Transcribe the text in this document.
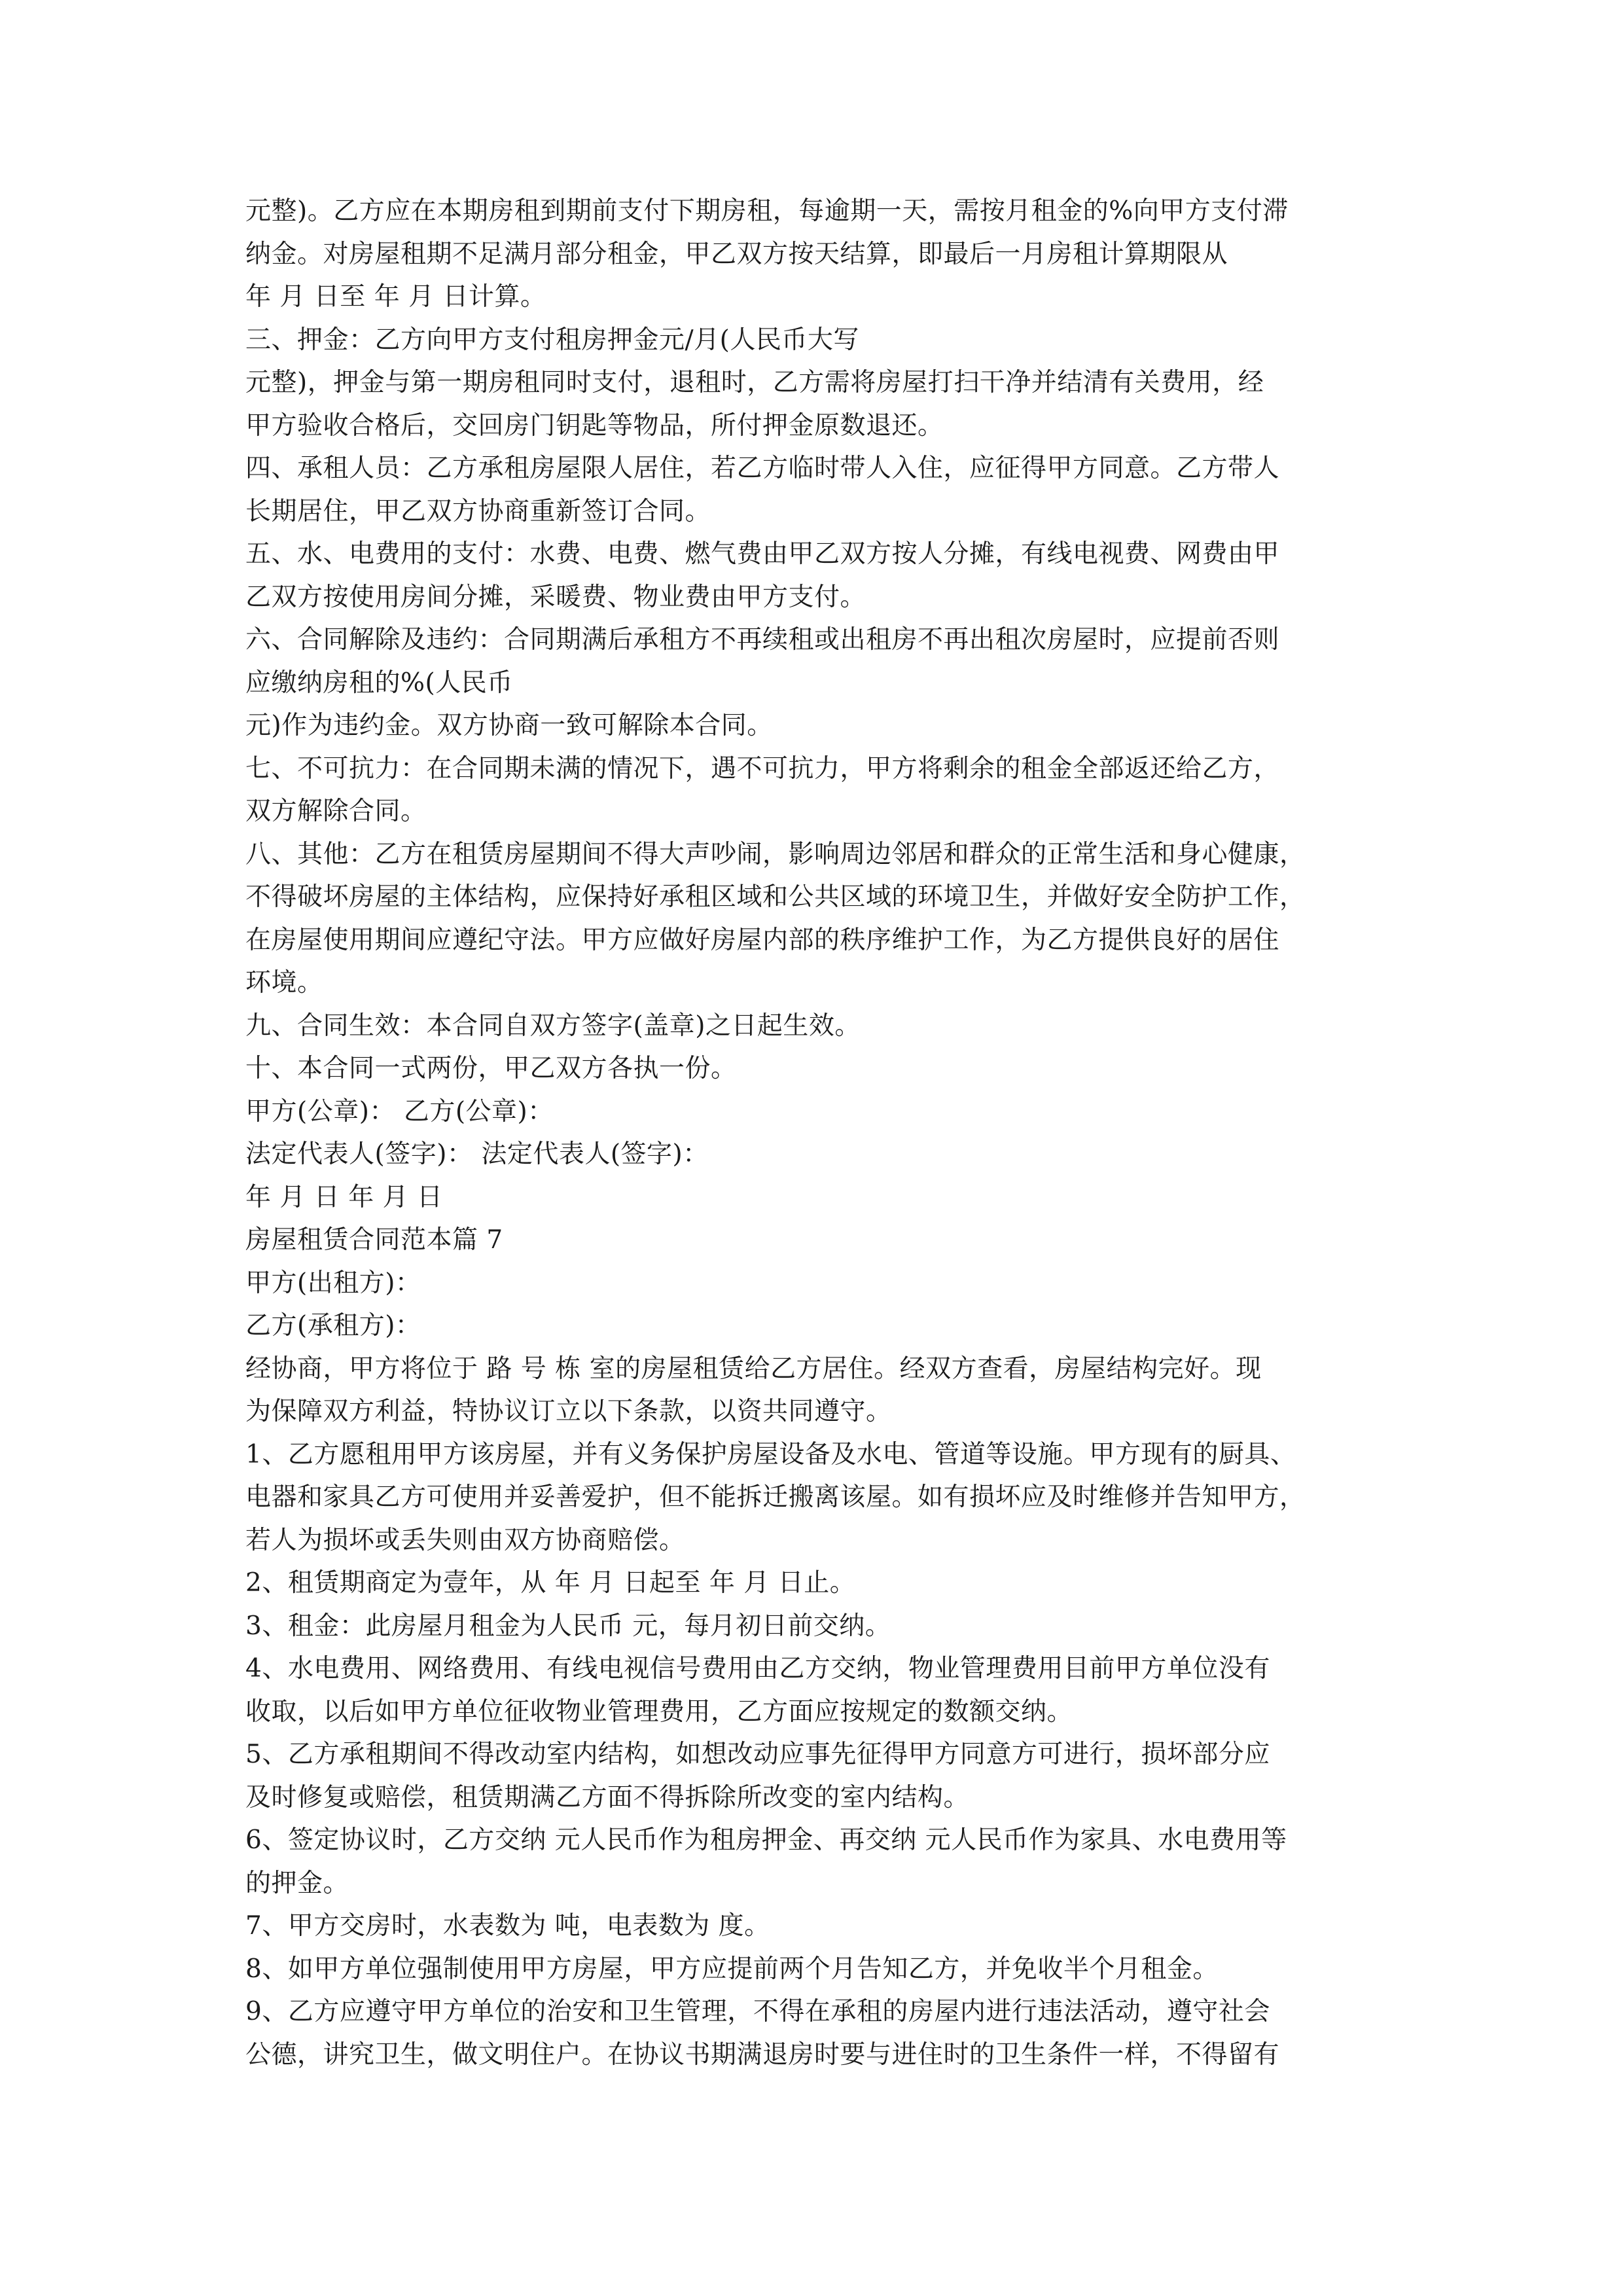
元整)。乙方应在本期房租到期前支付下期房租，每逾期一天，需按月租金的%向甲方支付滞
纳金。对房屋租期不足满月部分租金，甲乙双方按天结算，即最后一月房租计算期限从
年 月 日至 年 月 日计算。
三、押金：乙方向甲方支付租房押金元/月(人民币大写
元整)，押金与第一期房租同时支付，退租时，乙方需将房屋打扫干净并结清有关费用，经
甲方验收合格后，交回房门钥匙等物品，所付押金原数退还。
四、承租人员：乙方承租房屋限人居住，若乙方临时带人入住，应征得甲方同意。乙方带人
长期居住，甲乙双方协商重新签订合同。
五、水、电费用的支付：水费、电费、燃气费由甲乙双方按人分摊，有线电视费、网费由甲
乙双方按使用房间分摊，采暖费、物业费由甲方支付。
六、合同解除及违约：合同期满后承租方不再续租或出租房不再出租次房屋时，应提前否则
应缴纳房租的%(人民币
元)作为违约金。双方协商一致可解除本合同。
七、不可抗力：在合同期未满的情况下，遇不可抗力，甲方将剩余的租金全部返还给乙方，
双方解除合同。
八、其他：乙方在租赁房屋期间不得大声吵闹，影响周边邻居和群众的正常生活和身心健康，
不得破坏房屋的主体结构，应保持好承租区域和公共区域的环境卫生，并做好安全防护工作，
在房屋使用期间应遵纪守法。甲方应做好房屋内部的秩序维护工作，为乙方提供良好的居住
环境。
九、合同生效：本合同自双方签字(盖章)之日起生效。
十、本合同一式两份，甲乙双方各执一份。
甲方(公章)： 乙方(公章)：
法定代表人(签字)： 法定代表人(签字)：
年 月 日 年 月 日
房屋租赁合同范本篇 7
甲方(出租方)：
乙方(承租方)：
经协商，甲方将位于 路 号 栋 室的房屋租赁给乙方居住。经双方查看，房屋结构完好。现
为保障双方利益，特协议订立以下条款，以资共同遵守。
1、乙方愿租用甲方该房屋，并有义务保护房屋设备及水电、管道等设施。甲方现有的厨具、
电器和家具乙方可使用并妥善爱护，但不能拆迁搬离该屋。如有损坏应及时维修并告知甲方，
若人为损坏或丢失则由双方协商赔偿。
2、租赁期商定为壹年，从 年 月 日起至 年 月 日止。
3、租金：此房屋月租金为人民币 元，每月初日前交纳。
4、水电费用、网络费用、有线电视信号费用由乙方交纳，物业管理费用目前甲方单位没有
收取，以后如甲方单位征收物业管理费用，乙方面应按规定的数额交纳。
5、乙方承租期间不得改动室内结构，如想改动应事先征得甲方同意方可进行，损坏部分应
及时修复或赔偿，租赁期满乙方面不得拆除所改变的室内结构。
6、签定协议时，乙方交纳 元人民币作为租房押金、再交纳 元人民币作为家具、水电费用等
的押金。
7、甲方交房时，水表数为 吨，电表数为 度。
8、如甲方单位强制使用甲方房屋，甲方应提前两个月告知乙方，并免收半个月租金。
9、乙方应遵守甲方单位的治安和卫生管理，不得在承租的房屋内进行违法活动，遵守社会
公德，讲究卫生，做文明住户。在协议书期满退房时要与进住时的卫生条件一样，不得留有
